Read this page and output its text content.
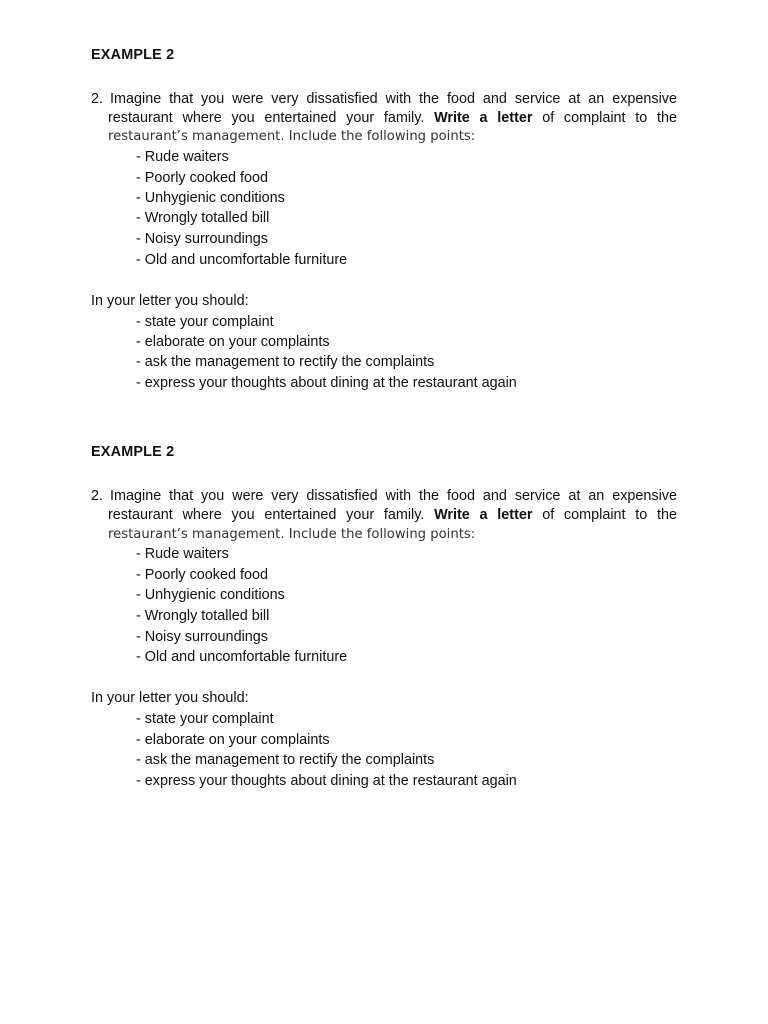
EXAMPLE 2

2. Imagine that you were very dissatisfied with the food and service at an expensive

restaurant where you entertained your family. Write a letter of complaint to the

restaurant’s management. Include the following points:

- Rude waiters

- Poorly cooked food

- Unhygienic conditions

- Wrongly totalled bill

- Noisy surroundings

- Old and uncomfortable furniture

In your letter you should:

- state your complaint

- elaborate on your complaints

- ask the management to rectify the complaints

- express your thoughts about dining at the restaurant again

EXAMPLE 2

2. Imagine that you were very dissatisfied with the food and service at an expensive

restaurant where you entertained your family. Write a letter of complaint to the

restaurant’s management. Include the following points:

- Rude waiters

- Poorly cooked food

- Unhygienic conditions

- Wrongly totalled bill

- Noisy surroundings

- Old and uncomfortable furniture

In your letter you should:

- state your complaint

- elaborate on your complaints

- ask the management to rectify the complaints

- express your thoughts about dining at the restaurant again
